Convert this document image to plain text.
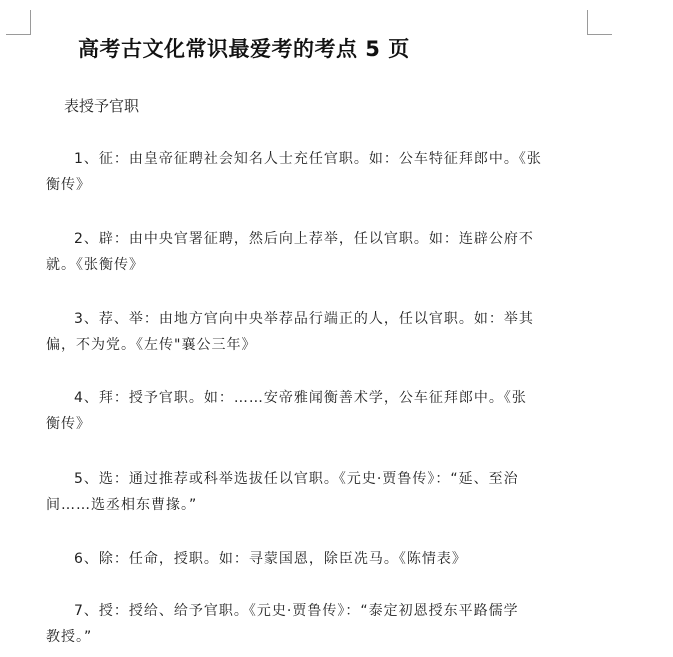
高考古文化常识最爱考的考点 5 页
表授予官职

1、征：由皇帝征聘社会知名人士充任官职。如：公车特征拜郎中。《张
衡传》

2、辟：由中央官署征聘，然后向上荐举，任以官职。如：连辟公府不
就。《张衡传》

3、荐、举：由地方官向中央举荐品行端正的人，任以官职。如：举其
偏，不为党。《左传"襄公三年》

4、拜：授予官职。如：……安帝雅闻衡善术学，公车征拜郎中。《张
衡传》

5、选：通过推荐或科举选拔任以官职。《元史·贾鲁传》：“延、至治
间……选丞相东曹掾。”

6、除：任命，授职。如：寻蒙国恩，除臣冼马。《陈情表》

7、授：授给、给予官职。《元史·贾鲁传》：“泰定初恩授东平路儒学
教授。”
